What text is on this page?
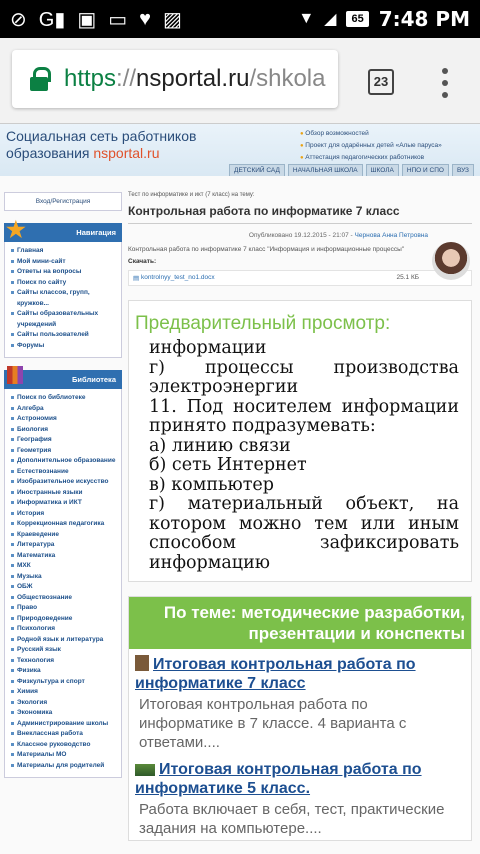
⊘ G▮ ▣ ▭ ♥ ▨	▼ ◢	65 7:48 PM
https :// nsportal.ru /shkola	23
Социальная сеть работников
образования nsportal.ru
● Обзор возможностей
● Проект для одарённых детей «Алые паруса»
● Аттестация педагогических работников
ДЕТСКИЙ САД	НАЧАЛЬНАЯ ШКОЛА	ШКОЛА	НПО И СПО	ВУЗ
Вход/Регистрация
★	Навигация
Главная
Мой мини-сайт
Ответы на вопросы
Поиск по сайту
Сайты классов, групп, кружков...
Сайты образовательных учреждений
Сайты пользователей
Форумы
Библиотека
Поиск по библиотеке
Алгебра
Астрономия
Биология
География
Геометрия
Дополнительное образование
Естествознание
Изобразительное искусство
Иностранные языки
Информатика и ИКТ
История
Коррекционная педагогика
Краеведение
Литература
Математика
МХК
Музыка
ОБЖ
Обществознание
Право
Природоведение
Психология
Родной язык и литература
Русский язык
Технология
Физика
Физкультура и спорт
Химия
Экология
Экономика
Администрирование школы
Внеклассная работа
Классное руководство
Материалы МО
Материалы для родителей
Тест по информатике и икт (7 класс) на тему:
Контрольная работа по информатике 7 класс
Опубликовано 19.12.2015 - 21:07 - Чернова Анна Петровна
Контрольная работа по информатике 7 класс "Информация и информационные процессы"
Скачать:
▤ kontrolnyy_test_no1.docx	25.1 КБ
Предварительный просмотр:

информации

г) процессы производства

электроэнергии

11. Под носителем информации

принято подразумевать:

а) линию связи

б) сеть Интернет

в) компьютер

г) материальный объект, на

котором можно тем или иным

способом зафиксировать

информацию

По теме: методические разработки, презентации и конспекты
Итоговая контрольная работа по информатике 7 класс
Итоговая контрольная работа по информатике в 7 классе. 4 варианта с ответами....
Итоговая контрольная работа по информатике 5 класс.
Работа включает в себя, тест, практические задания на компьютере....
